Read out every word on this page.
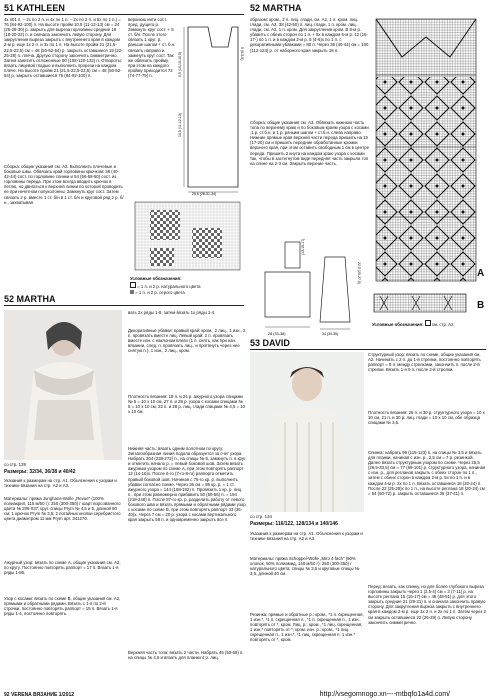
51 KATHLEEN
4х п01 п. – 2х по 2 п. и 4х по 1 п. – 2х по 2 п. и 5х по 1 п.) = 76 (84-92-100) п. На высоте пройм 10,5 (11-12-13) см = 24 (26-28-30) р. закрыть для выреза горловины средние 18 (18-20-22) п. и сначала закончить левую сторону. Для закругления выреза закрыть с внутреннего края в каждом 2-м р. еще 1х 2 п. и 3х по 1 п. На высоте пройм 21 (21,5-22,5-23,5) см = 48 (50-52-54) р. закрыть оставшиеся 19 (22-25-28) п. плеча. Другую сторону закончить симметрично. Затем занитить отложенные 90 (108-120-132) п. Отвороты: вязать лицевой гладью и выполнить прорези на каждом плече. На высоте пройм 21 (21,5-22,5-23,5) см = 48 (50-52-54) р. закрыть оставшиеся 76 (84-92-100) п.
Сборка: общие указания см. А3. Выполнить плечевые и боковые швы. Обвязать край горловины крючком: 38 (40-42-44) сост. по горловине спинки и 54 (56-58-60) сост. из горловины переда. При этом всегда вводить крючок в петлю, но двигаться к верхней линии по которой проводить ее при нечетном полуколонны. Замкнуть круг сост. Затем связать 2 р. вместе 1 ст. б/н в 1 ст. б/н и круговой ряд 2 р. б/н., захватывая
верхнюю нити сост. пред. дущего р. Замкнуть круг сост. + 5 ст. б/н. После этого связать 1 круг. р. раньше шагом + ст. б.н. связать направо и замкнуть круг сост. Так же обвязать пройму, при этом на каждого пройму приходится 72 (74-77-79) п.	0,5 (10-10-10,5)
10,5 (11-12-13)
5 (5-5-5)
25,5 (28-31-34)
Условные обозначения:
= 1 п. и 2 р. натурального цвета
= 1 п. и 2 р. серого цвета
52 MARTHA
образом: кром., 2 п. лиц. глади, см. А2, 1 п. кром. лиц. глади, см. А2, 38 (42-50) п. лиц. глади, 1 п. кром. лиц. глади, см. А2, 1 п. кром. Для закругления кром. В 8-м р. убавить с обеих сторон по 1 п. + 5х в каждом 6-м р. 12 (15-17-) по 1 п. и в каждом 2-м р. 5 (4-6)х по 1 п. с декоративными убавками = 80 п. Через 36 (40-44) см = 100 (112-124) р. от наборного края закрыть 18 п.
Сборка: общие указания см. А3. Обвязать нижнюю часть топа по верхнему краю и по боковым краям узора с косами ,1 р. ст.б.н. и 1 р. рачьим шагом + ст.б.н. слева направо. Нижние прямые края верхней части переда пришить на 15 (17-20) см и пришить передние обработанные кромки верхнего края, при этом оставить свободным 1 см в центре переда. Пришить 2 кнута на каждом краю узора с косами так, чтобы в застегнутом виде передняя часть закрыла топ на спине на 2-3 см. Закрыть верхние часть.
28 (33-38)
(13-15-17)
34 (30-35)
22,5 (25-27,5)	A
B
Условные обозначения: см. стр. А2
52 MARTHA
со стр. 129
Размеры: 32/34, 36/38 и 40/42
Указания к размерам на стр. А1. Объяснения к узорам и технике вязания на стр. А2 и А3.
Материалы: пряжа Junghans-Wolle „Revue" (100% полиакрил, 115 м/50 г): 250 (300-350) г шарт ворсованного цвета № 206-037; круг. спицы Prym № 4,5 и 5, длиной 80 см; 1 крючок Prym № 3,5; 2 потайных кнопки серебристого цвета диаметром 11 мм Prym арт. 341270.
Ажурный узор: вязать по схеме А, общие указания см. А2, по кругу. Постоянно повторять раппорт = 17 п. Вязать 1-я ряды 1-86.
Узор с косами: вязать по схеме В, общие указания см. А2, прямыми и обратными рядами. Вязать с 1-я по 2-й строчки, постоянно повторять раппорт = 15 п. Вязать 1-я ряды 1-4, постоянно повторять.
вать 2х ряды 1-8, затем вязать 1х ряды 1-4.
Декоративные убавки: правый край: кром., 2 лиц., 1 изн., 2 п. провязать вместе лиц. Левый край: 2 п. провязать вместе изн. с наклоном влево (1 п. снять, как при изн. вязании, след. п. провязать лиц., и протянуть через нее снятую п.), 1 изн., 2 лиц., кром.
Плотность вязания: 18 п. и 24 р. ажурного узора спицами № 5 = 10 х 10 см, 27 п. и 28 р. узора с косами спицами № 5 = 10 х 10 см, 22 п. и 28 р. лиц. глади спицами № 4,5 = 10 х 10 см.
Нижняя часть: вязать одним полотном по кругу. Зигзагообразная линия подола образуется за счет узора. Набрать 204 (238-272) п., на спицы № 5, замкнуть п. в круг и отметить начало р. = левый боковой шов. Затем вязать ажурным узором по схеме А, при этом повторять раппорт 12 (14-16)х. После 6-го (7-го-8-го) раппорта отметить правый боковой шов. Начиная с 75-го кр. р. выполнить убавки согласно схеме. Через 36 см = 86 кр. р. = 1 ст. ажурного узора = 144 (168-192) п. Провязать 1 кр. р. лиц. п., при этом равномерно прибавить 50 (50-56) п. = 194 (218-248) п. После 87-го кр. р. разделить работу от левого бокового шва и вязать прямыми и обратными рядами узор с косами по схеме В, при этом повторять раппорт 33 (35-40)х. Через 7 см = 20 р. узора с косами вертикального края закрыть 58 п. и одновременно закрыть все п.
Верхняя часть топа: вязать 2 части. Набрать 46 (50-58) п. на спицы № 4,5 и вязать для планки 4 р. лиц.
53 DAVID
со стр. 134
Размеры: 116/122, 128/134 и 140/146
Указания к размерам на стр. А1. Объяснения к узорам и технике вязания на стр. А2 и А3.
Материалы: пряжа Schoppel-Wolle „Miro 4-fach" (50% хлопок, 50% полиамид, 140 м/50 г): 250 (300-350) г натурального цвета; спицы № 3,5 и круговые спицы № 3,5, длиной 40 см.
Резинка: прямые и обратные р.: кром., *1 п. скрещенная, 1 изн.*, *1 п. скрещенная л., *1 п. скрещенная п., 1 изн. повторять от *, кром. Лиц. р.: кром., *1 лиц. скрещенная, 1 изн.* повторять от *, кром. изн. р.: кром., *1 лиц. скрещенная п., 1 изн.*, *1 лиц. скрещенная п. 1 изн.* повторять от *, кром.
Структурный узор: вязать по схеме, общие указания см. А2. Начинать с 2 п. до 1-й стрелки, постоянно повторять раппорт = 8 п. между стрелками, закончить п. после 2-й стрелки. Вязать 1-я 9 п. после 2-й стрелки.
Плотность вязания: 26 п. и 30 р. структурного узора = 10 х 10 см, 21 п. и 30 р. лиц. глади = 10 х 10 см, обе образца спицами № 3,5.
Спинка: набрать 99 (115-123) п. на спицы № 3,5 и вязать для планки, начиная с изн. р., 2,5 см = 7 р. резинкой. Далее вязать структурным узором по схеме. Через 25,5 (29,5-33,5) см = 77 (89-101) р. структурного узора, начиная с изн. р., для регланов закрыть с обеих сторон по 1 п., затем с обеих сторон в каждом 2-м р. 5х по 1 п. и в каждом 4-м р. 2х по 1 п. Вязать оставшиеся 18 (20-24) п. После 22 (25-28)х по 1 п., на высоте реглана 18 (20-24) см = 54 (60-72) р. закрыть оставшиеся 35 (37-41) п.
Перед: вязать, как спинку, но для более глубокого выреза горловины закрыть через 1 (2,5-4) см = 3 (7-11) р. на высоте реглана 15 (16-17) см = 45 (48-51) р. для этого закрыть средние 21 (29-31) п. и сначала закончить правую сторону. Для закругления выреза закрыть с внутреннего края в каждом 2-м р. еще 1х 2 п. и 2х по 1 п. Затем через 2 см закрыть оставшиеся 22 (26-29) п. Левую сторону закончить симметрично.
92 VERENA ВЯЗАНИЕ 1/2012	http://vsegomnogo.xn----mtbqfo1a4d.com/
